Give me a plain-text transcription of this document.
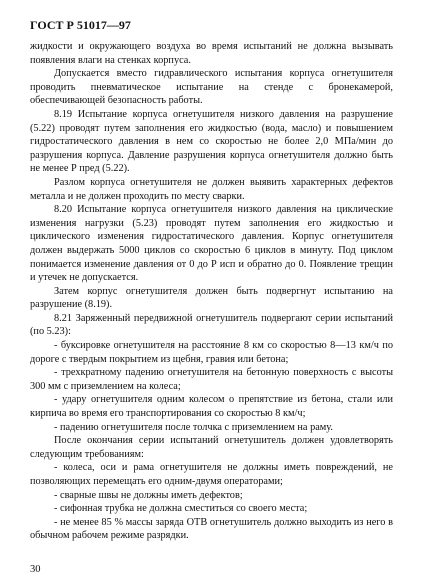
ГОСТ Р 51017—97

жидкости и окружающего воздуха во время испытаний не должна вызывать появления влаги на стенках корпуса.

Допускается вместо гидравлического испытания корпуса огнетушителя проводить пневматическое испытание на стенде с бронекамерой, обеспечивающей безопасность работы.

8.19 Испытание корпуса огнетушителя низкого давления на разрушение (5.22) проводят путем заполнения его жидкостью (вода, масло) и повышением гидростатического давления в нем со скоростью не более 2,0 МПа/мин до разрушения корпуса. Давление разрушения корпуса огнетушителя должно быть не менее Р пред (5.22).

Разлом корпуса огнетушителя не должен выявить характерных дефектов металла и не должен проходить по месту сварки.

8.20 Испытание корпуса огнетушителя низкого давления на циклические изменения нагрузки (5.23) проводят путем заполнения его жидкостью и циклического изменения гидростатического давления. Корпус огнетушителя должен выдержать 5000 циклов со скоростью 6 циклов в минуту. Под циклом понимается изменение давления от 0 до Р исп и обратно до 0. Появление трещин и утечек не допускается.

Затем корпус огнетушителя должен быть подвергнут испытанию на разрушение (8.19).

8.21 Заряженный передвижной огнетушитель подвергают серии испытаний (по 5.23):

- буксировке огнетушителя на расстояние 8 км со скоростью 8—13 км/ч по дороге с твердым покрытием из щебня, гравия или бетона;

- трехкратному падению огнетушителя на бетонную поверхность с высоты 300 мм с приземлением на колеса;

- удару огнетушителя одним колесом о препятствие из бетона, стали или кирпича во время его транспортирования со скоростью 8 км/ч;

- падению огнетушителя после толчка с приземлением на раму.

После окончания серии испытаний огнетушитель должен удовлетворять следующим требованиям:

- колеса, оси и рама огнетушителя не должны иметь повреждений, не позволяющих перемещать его одним-двумя операторами;

- сварные швы не должны иметь дефектов;

- сифонная трубка не должна сместиться со своего места;

- не менее 85 % массы заряда ОТВ огнетушитель должно выходить из него в обычном рабочем режиме разрядки.

30
